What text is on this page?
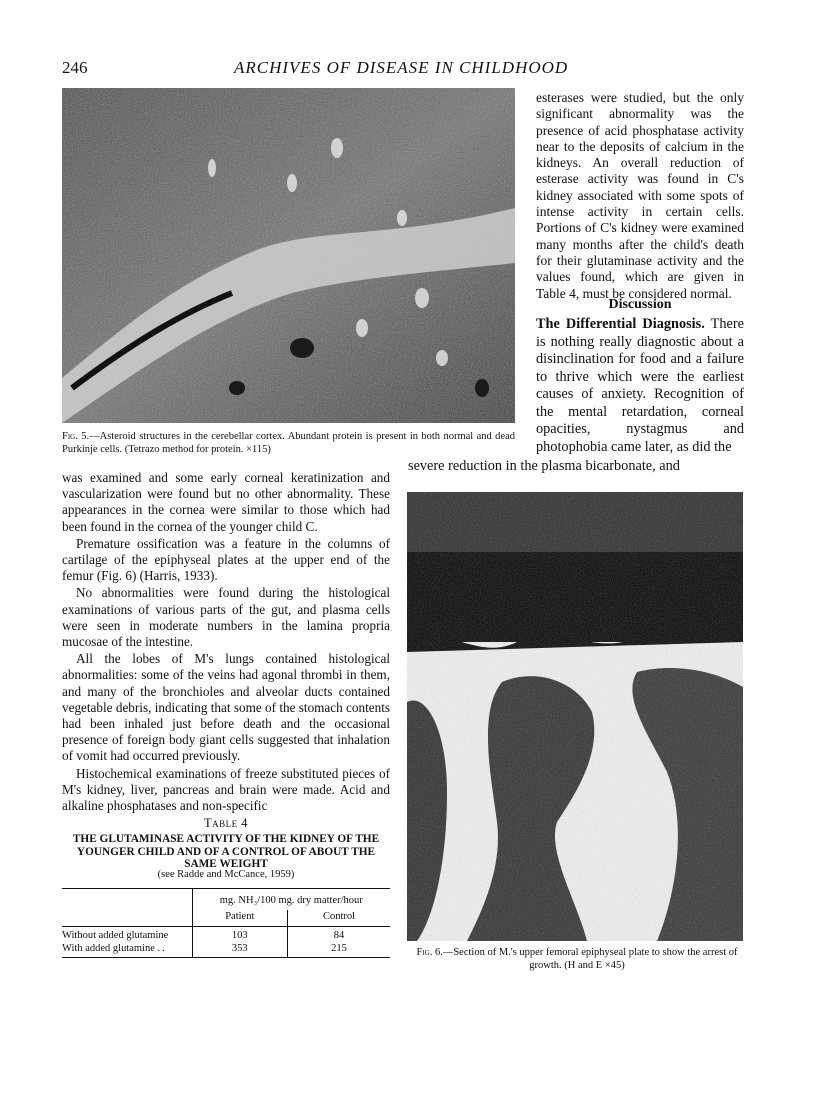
246	ARCHIVES OF DISEASE IN CHILDHOOD
Fig. 5.—Asteroid structures in the cerebellar cortex. Abundant protein is present in both normal and dead Purkinje cells. (Tetrazo method for protein. ×115)

esterases were studied, but the only significant abnormality was the presence of acid phosphatase activity near to the deposits of calcium in the kidneys. An overall reduction of esterase activity was found in C's kidney associated with some spots of intense activity in certain cells. Portions of C's kidney were examined many months after the child's death for their glutaminase activity and the values found, which are given in Table 4, must be considered normal.

Discussion
The Differential Diagnosis. There is nothing really diagnostic about a disinclination for food and a failure to thrive which were the earliest causes of anxiety. Recognition of the mental retardation, corneal opacities, nystagmus and photophobia came later, as did the
severe reduction in the plasma bicarbonate, and

was examined and some early corneal keratinization and vascularization were found but no other abnormality. These appearances in the cornea were similar to those which had been found in the cornea of the younger child C.

Premature ossification was a feature in the columns of cartilage of the epiphyseal plates at the upper end of the femur (Fig. 6) (Harris, 1933).

No abnormalities were found during the histological examinations of various parts of the gut, and plasma cells were seen in moderate numbers in the lamina propria mucosae of the intestine.

All the lobes of M's lungs contained histological abnormalities: some of the veins had agonal thrombi in them, and many of the bronchioles and alveolar ducts contained vegetable debris, indicating that some of the stomach contents had been inhaled just before death and the occasional presence of foreign body giant cells suggested that inhalation of vomit had occurred previously.

Histochemical examinations of freeze substituted pieces of M's kidney, liver, pancreas and brain were made. Acid and alkaline phosphatases and non-specific

Fig. 6.—Section of M.'s upper femoral epiphyseal plate to show the arrest of growth. (H and E ×45)
Table 4
THE GLUTAMINASE ACTIVITY OF THE KIDNEY OF THE YOUNGER CHILD AND OF A CONTROL OF ABOUT THE SAME WEIGHT
(see Radde and McCance, 1959)
	mg. NH₃/100 mg. dry matter/hour	
	Patient	Control
Without added glutamine	103	84
With added glutamine ..	353	215
